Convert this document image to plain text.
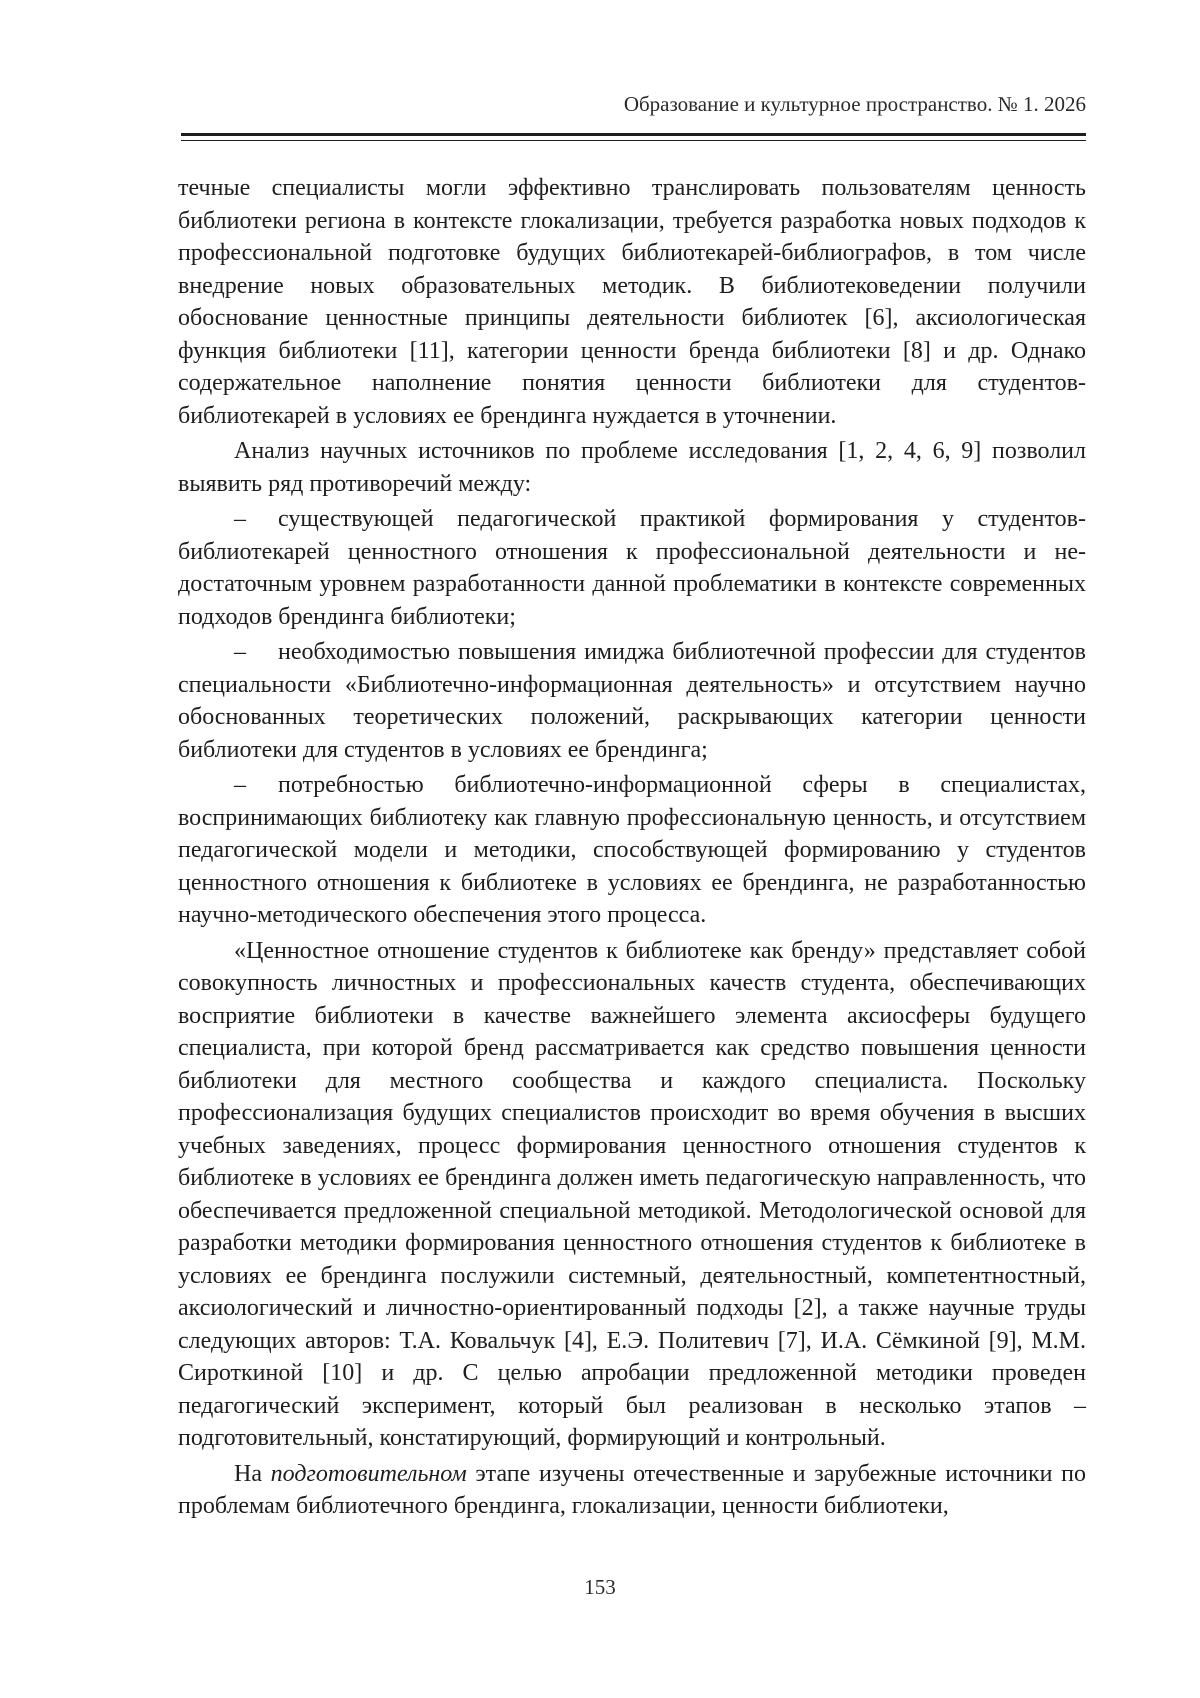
Образование и культурное пространство. № 1. 2026

течные специалисты могли эффективно транслировать пользователям ценность библиотеки региона в контексте глокализации, требуется разработка новых подходов к профессиональной подготовке будущих библиотекарей-библиографов, в том числе внедрение новых образовательных методик. В библиотековедении получили обоснование ценностные принципы деятельности библиотек [6], аксиологическая функция библиотеки [11], категории ценности бренда библиотеки [8] и др. Однако содержательное наполнение понятия ценности библиотеки для студентов-библиотекарей в условиях ее брендинга нуждается в уточнении.

Анализ научных источников по проблеме исследования [1, 2, 4, 6, 9] позволил выявить ряд противоречий между:

– существующей педагогической практикой формирования у студентов-библиотекарей ценностного отношения к профессиональной деятельности и недостаточным уровнем разработанности данной проблематики в контексте современных подходов брендинга библиотеки;

– необходимостью повышения имиджа библиотечной профессии для студентов специальности «Библиотечно-информационная деятельность» и отсутствием научно обоснованных теоретических положений, раскрывающих категории ценности библиотеки для студентов в условиях ее брендинга;

– потребностью библиотечно-информационной сферы в специалистах, воспринимающих библиотеку как главную профессиональную ценность, и отсутствием педагогической модели и методики, способствующей формированию у студентов ценностного отношения к библиотеке в условиях ее брендинга, не разработанностью научно-методического обеспечения этого процесса.

«Ценностное отношение студентов к библиотеке как бренду» представляет собой совокупность личностных и профессиональных качеств студента, обеспечивающих восприятие библиотеки в качестве важнейшего элемента аксиосферы будущего специалиста, при которой бренд рассматривается как средство повышения ценности библиотеки для местного сообщества и каждого специалиста. Поскольку профессионализация будущих специалистов происходит во время обучения в высших учебных заведениях, процесс формирования ценностного отношения студентов к библиотеке в условиях ее брендинга должен иметь педагогическую направленность, что обеспечивается предложенной специальной методикой. Методологической основой для разработки методики формирования ценностного отношения студентов к библиотеке в условиях ее брендинга послужили системный, деятельностный, компетентностный, аксиологический и личностно-ориентированный подходы [2], а также научные труды следующих авторов: Т.А. Ковальчук [4], Е.Э. Политевич [7], И.А. Сёмкиной [9], М.М. Сироткиной [10] и др. С целью апробации предложенной методики проведен педагогический эксперимент, который был реализован в несколько этапов – подготовительный, констатирующий, формирующий и контрольный.

На подготовительном этапе изучены отечественные и зарубежные источники по проблемам библиотечного брендинга, глокализации, ценности библиотеки,

153
